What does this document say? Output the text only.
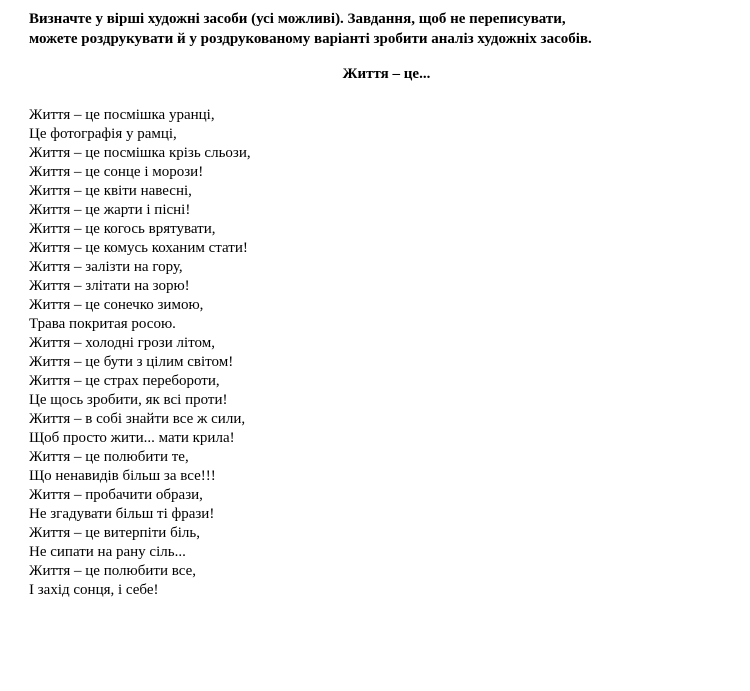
Визначте у вірші художні засоби (усі можливі). Завдання, щоб не переписувати,
можете роздрукувати й у роздрукованому варіанті зробити аналіз художніх засобів.

Життя – це...
Життя – це посмішка уранці,
Це фотографія у рамці,
Життя – це посмішка крізь сльози,
Життя – це сонце і морози!
Життя – це квіти навесні,
Життя – це жарти і пісні!
Життя – це когось врятувати,
Життя – це комусь коханим стати!
Життя – залізти на гору,
Життя – злітати на зорю!
Життя – це сонечко зимою,
Трава покритая росою.
Життя – холодні грози літом,
Життя – це бути з цілим світом!
Життя – це страх перебороти,
Це щось зробити, як всі проти!
Життя – в собі знайти все ж сили,
Щоб просто жити... мати крила!
Життя – це полюбити те,
Що ненавидів більш за все!!!
Життя – пробачити образи,
Не згадувати більш ті фрази!
Життя – це витерпіти біль,
Не сипати на рану сіль...
Життя – це полюбити все,
І захід сонця, і себе!
